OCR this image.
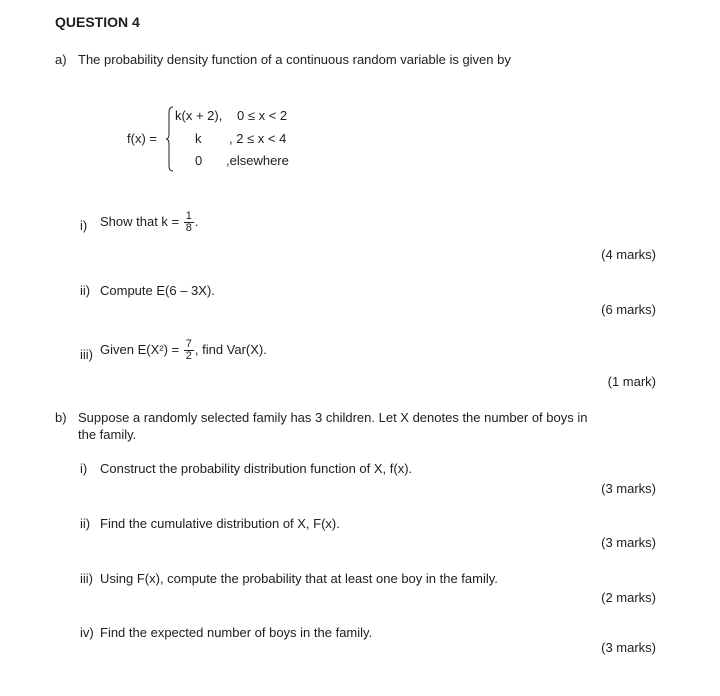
QUESTION 4
a) The probability density function of a continuous random variable is given by
f(x) =
k(x + 2), 0 ≤ x < 2
k , 2 ≤ x < 4
0 ,elsewhere
i) Show that $k = \frac{1}{8}$ .
(4 marks)
ii) Compute E(6 – 3X).
(6 marks)
iii) Given $E(X^2) = \frac{7}{2}$ , find Var(X).
(1 mark)
b) Suppose a randomly selected family has 3 children. Let X denotes the number of boys in
the family.
i) Construct the probability distribution function of X, f(x).
(3 marks)
ii) Find the cumulative distribution of X, F(x).
(3 marks)
iii) Using F(x), compute the probability that at least one boy in the family.
(2 marks)
iv) Find the expected number of boys in the family.
(3 marks)
